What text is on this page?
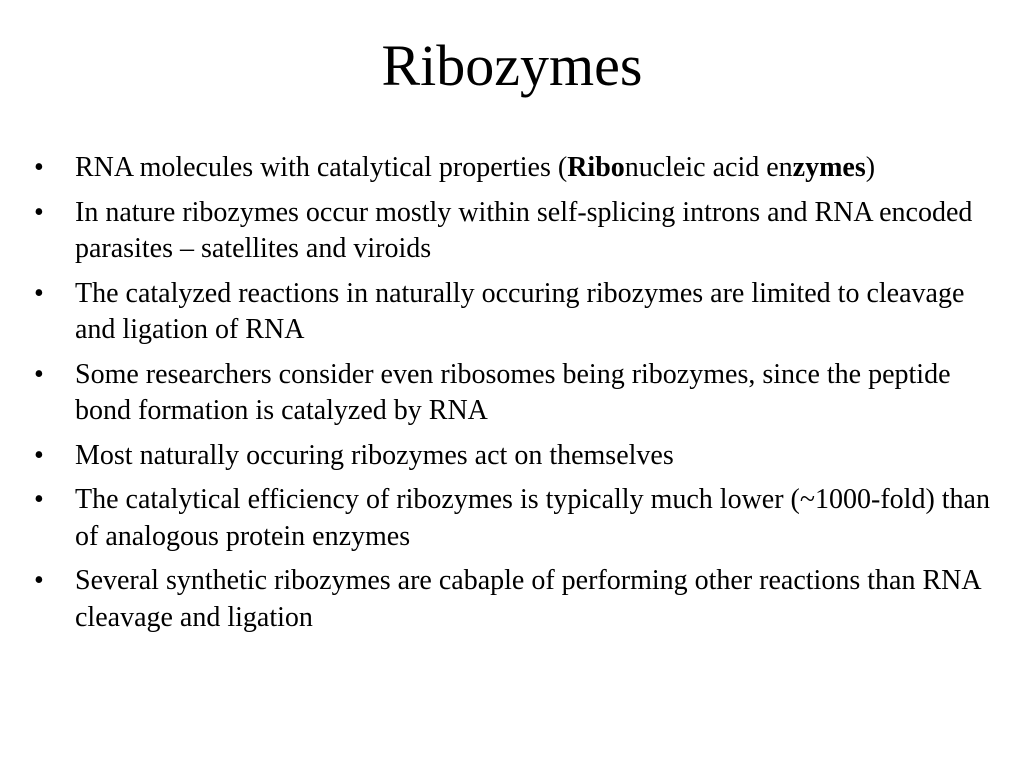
Ribozymes
• RNA molecules with catalytical properties (Ribonucleic acid enzymes)
• In nature ribozymes occur mostly within self-splicing introns and RNA encoded parasites – satellites and viroids
• The catalyzed reactions in naturally occuring ribozymes are limited to cleavage and ligation of RNA
• Some researchers consider even ribosomes being ribozymes, since the peptide bond formation is catalyzed by RNA
• Most naturally occuring ribozymes act on themselves
• The catalytical efficiency of ribozymes is typically much lower (~1000-fold) than of analogous protein enzymes
• Several synthetic ribozymes are cabaple of performing other reactions than RNA cleavage and ligation
